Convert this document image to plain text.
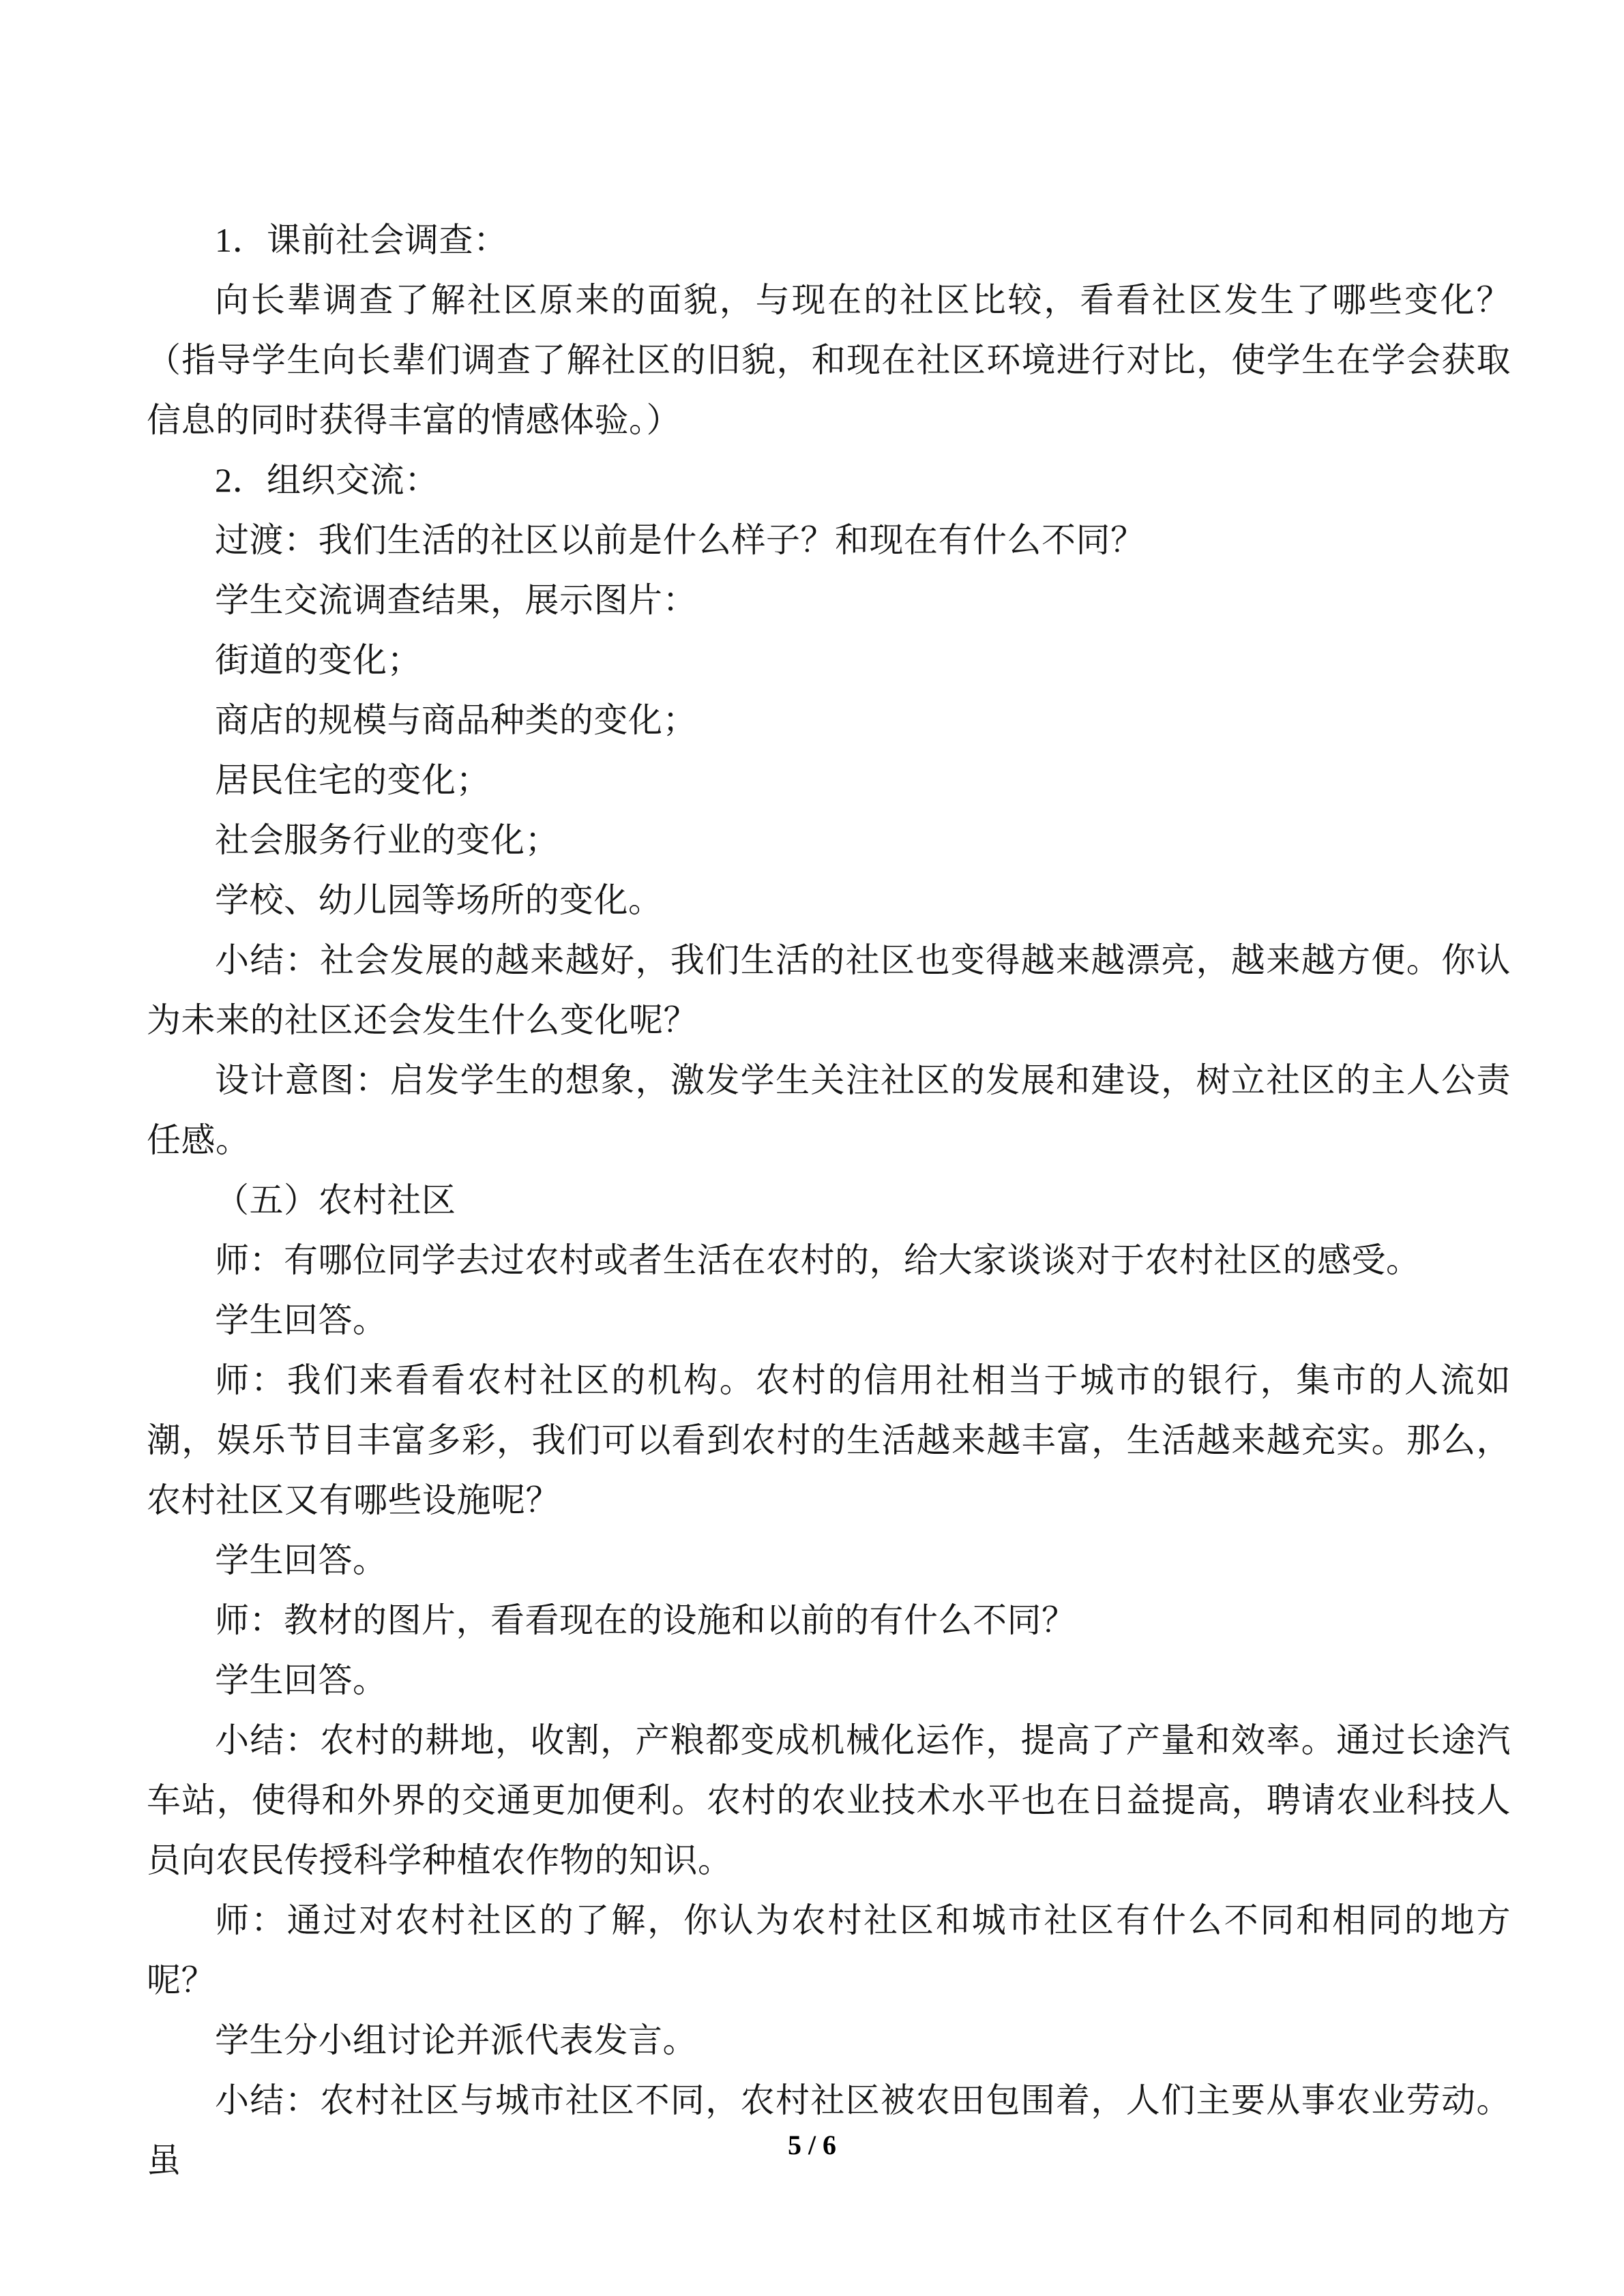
1．课前社会调查：

向长辈调查了解社区原来的面貌，与现在的社区比较，看看社区发生了哪些变化？（指导学生向长辈们调查了解社区的旧貌，和现在社区环境进行对比，使学生在学会获取信息的同时获得丰富的情感体验。）

2．组织交流：

过渡：我们生活的社区以前是什么样子？和现在有什么不同？

学生交流调查结果，展示图片：

街道的变化；

商店的规模与商品种类的变化；

居民住宅的变化；

社会服务行业的变化；

学校、幼儿园等场所的变化。

小结：社会发展的越来越好，我们生活的社区也变得越来越漂亮，越来越方便。你认为未来的社区还会发生什么变化呢？

设计意图：启发学生的想象，激发学生关注社区的发展和建设，树立社区的主人公责任感。

（五）农村社区

师：有哪位同学去过农村或者生活在农村的，给大家谈谈对于农村社区的感受。

学生回答。

师：我们来看看农村社区的机构。农村的信用社相当于城市的银行，集市的人流如潮，娱乐节目丰富多彩，我们可以看到农村的生活越来越丰富，生活越来越充实。那么，农村社区又有哪些设施呢？

学生回答。

师：教材的图片，看看现在的设施和以前的有什么不同？

学生回答。

小结：农村的耕地，收割，产粮都变成机械化运作，提高了产量和效率。通过长途汽车站，使得和外界的交通更加便利。农村的农业技术水平也在日益提高，聘请农业科技人员向农民传授科学种植农作物的知识。

师：通过对农村社区的了解，你认为农村社区和城市社区有什么不同和相同的地方呢？

学生分小组讨论并派代表发言。

小结：农村社区与城市社区不同，农村社区被农田包围着，人们主要从事农业劳动。虽	5 / 6
